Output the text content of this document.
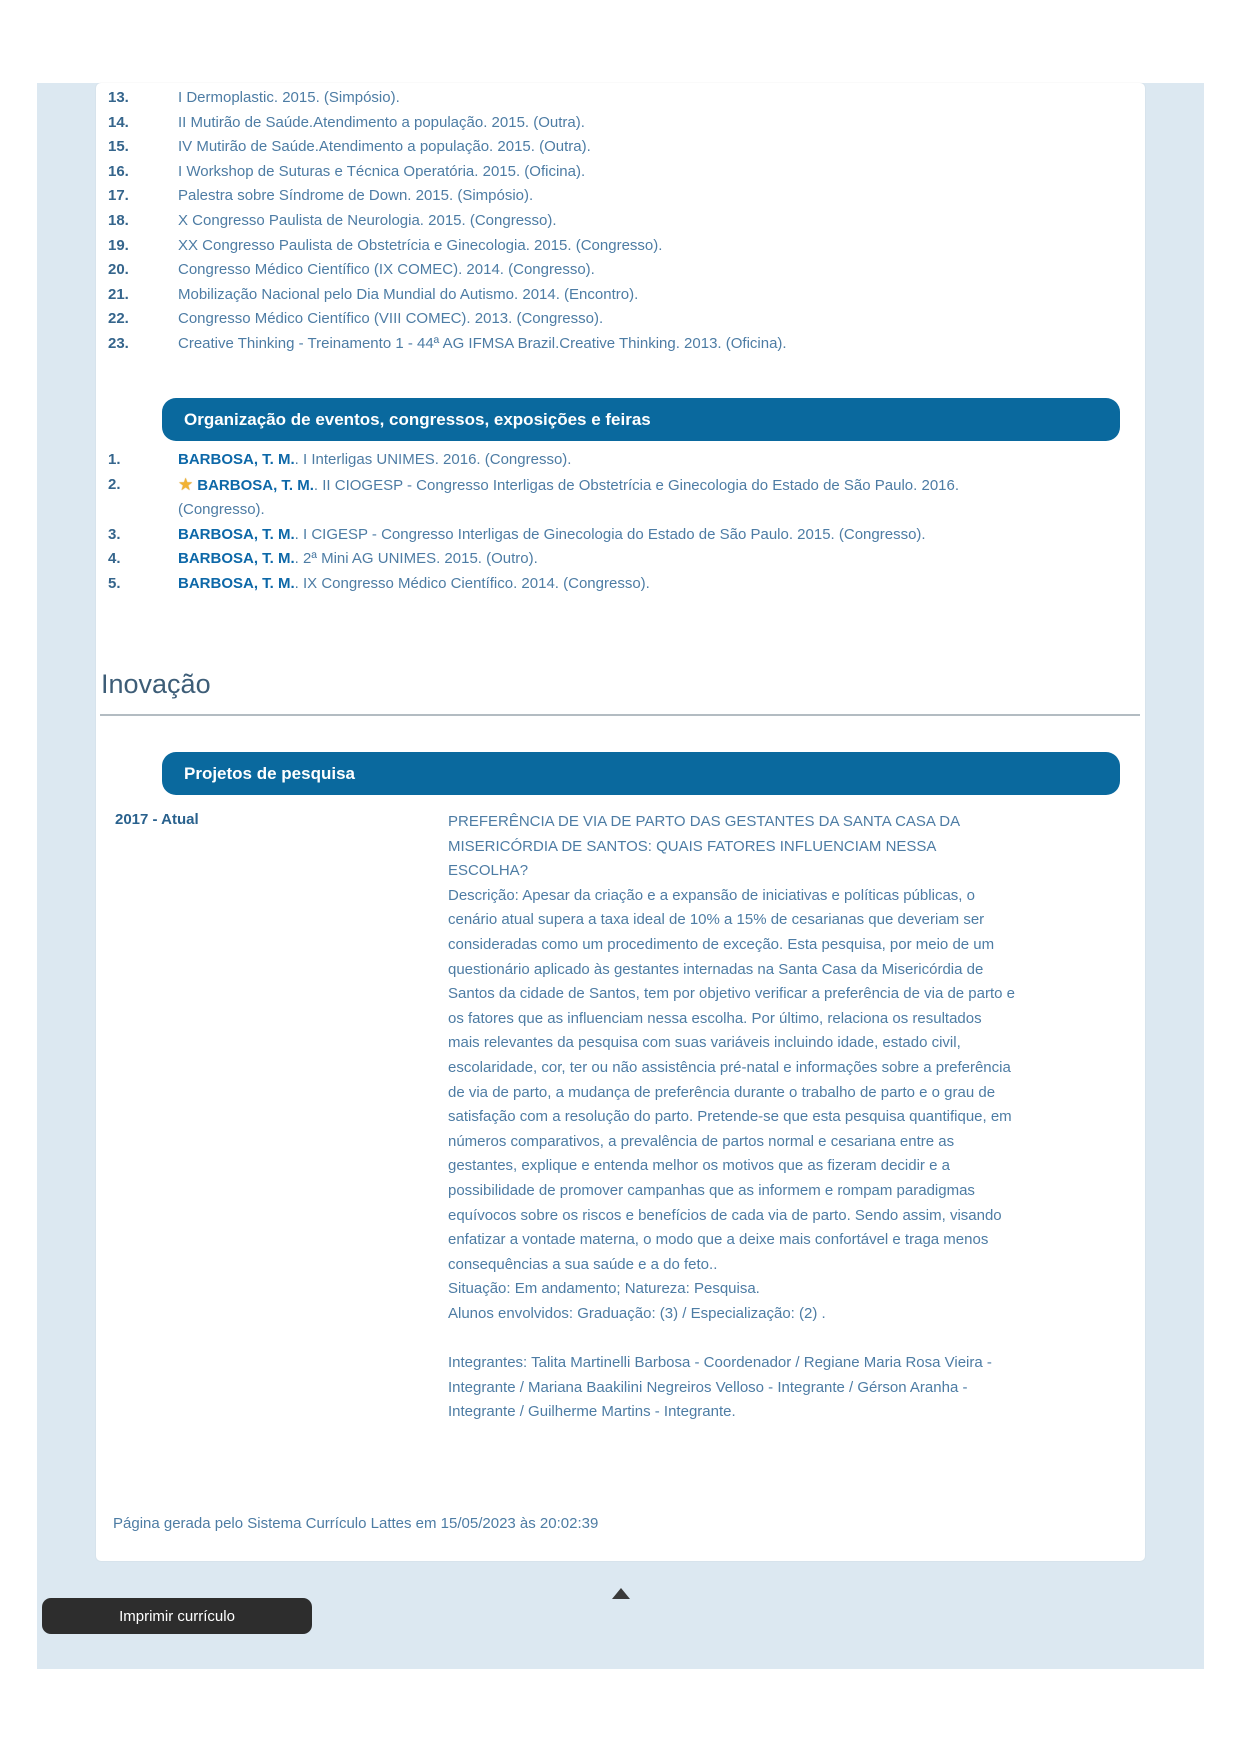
13.	I Dermoplastic. 2015. (Simpósio).
14.	II Mutirão de Saúde.Atendimento a população. 2015. (Outra).
15.	IV Mutirão de Saúde.Atendimento a população. 2015. (Outra).
16.	I Workshop de Suturas e Técnica Operatória. 2015. (Oficina).
17.	Palestra sobre Síndrome de Down. 2015. (Simpósio).
18.	X Congresso Paulista de Neurologia. 2015. (Congresso).
19.	XX Congresso Paulista de Obstetrícia e Ginecologia. 2015. (Congresso).
20.	Congresso Médico Científico (IX COMEC). 2014. (Congresso).
21.	Mobilização Nacional pelo Dia Mundial do Autismo. 2014. (Encontro).
22.	Congresso Médico Científico (VIII COMEC). 2013. (Congresso).
23.	Creative Thinking - Treinamento 1 - 44ª AG IFMSA Brazil.Creative Thinking. 2013. (Oficina).
Organização de eventos, congressos, exposições e feiras
1.	BARBOSA, T. M.. I Interligas UNIMES. 2016. (Congresso).
2.	★ BARBOSA, T. M.. II CIOGESP - Congresso Interligas de Obstetrícia e Ginecologia do Estado de São Paulo. 2016. (Congresso).
3.	BARBOSA, T. M.. I CIGESP - Congresso Interligas de Ginecologia do Estado de São Paulo. 2015. (Congresso).
4.	BARBOSA, T. M.. 2ª Mini AG UNIMES. 2015. (Outro).
5.	BARBOSA, T. M.. IX Congresso Médico Científico. 2014. (Congresso).
Inovação
Projetos de pesquisa
2017 - Atual	PREFERÊNCIA DE VIA DE PARTO DAS GESTANTES DA SANTA CASA DA MISERICÓRDIA DE SANTOS: QUAIS FATORES INFLUENCIAM NESSA ESCOLHA?

Descrição: Apesar da criação e a expansão de iniciativas e políticas públicas, o cenário atual supera a taxa ideal de 10% a 15% de cesarianas que deveriam ser consideradas como um procedimento de exceção. Esta pesquisa, por meio de um questionário aplicado às gestantes internadas na Santa Casa da Misericórdia de Santos da cidade de Santos, tem por objetivo verificar a preferência de via de parto e os fatores que as influenciam nessa escolha. Por último, relaciona os resultados mais relevantes da pesquisa com suas variáveis incluindo idade, estado civil, escolaridade, cor, ter ou não assistência pré-natal e informações sobre a preferência de via de parto, a mudança de preferência durante o trabalho de parto e o grau de satisfação com a resolução do parto. Pretende-se que esta pesquisa quantifique, em números comparativos, a prevalência de partos normal e cesariana entre as gestantes, explique e entenda melhor os motivos que as fizeram decidir e a possibilidade de promover campanhas que as informem e rompam paradigmas equívocos sobre os riscos e benefícios de cada via de parto. Sendo assim, visando enfatizar a vontade materna, o modo que a deixe mais confortável e traga menos consequências a sua saúde e a do feto..

Situação: Em andamento; Natureza: Pesquisa.

Alunos envolvidos: Graduação: (3) / Especialização: (2) .

Integrantes: Talita Martinelli Barbosa - Coordenador / Regiane Maria Rosa Vieira - Integrante / Mariana Baakilini Negreiros Velloso - Integrante / Gérson Aranha - Integrante / Guilherme Martins - Integrante.

Página gerada pelo Sistema Currículo Lattes em 15/05/2023 às 20:02:39
Imprimir currículo
